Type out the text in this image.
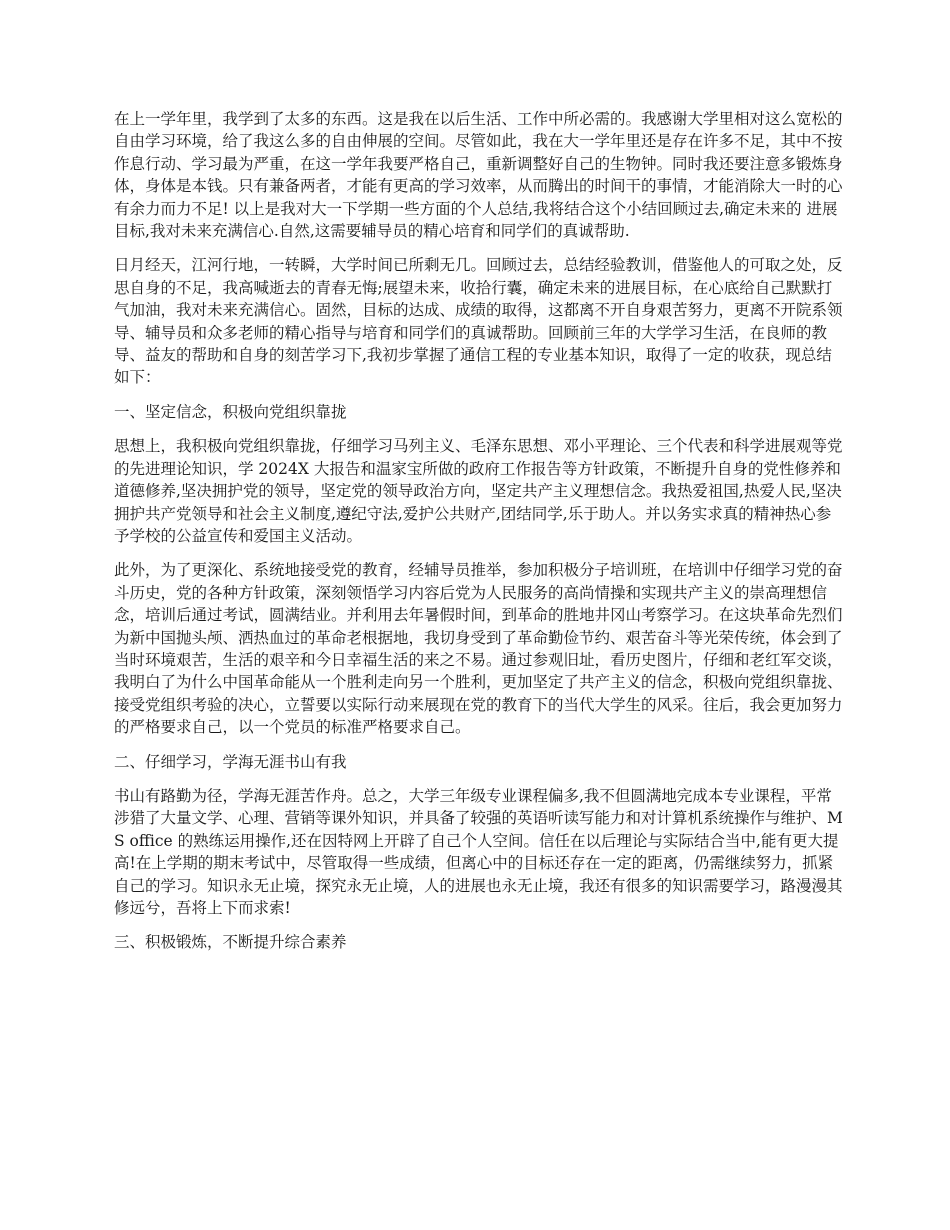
在上一学年里，我学到了太多的东西。这是我在以后生活、工作中所必需的。我感谢大学里相对这么宽松的自由学习环境，给了我这么多的自由伸展的空间。尽管如此，我在大一学年里还是存在许多不足，其中不按作息行动、学习最为严重，在这一学年我要严格自己，重新调整好自己的生物钟。同时我还要注意多锻炼身体，身体是本钱。只有兼备两者，才能有更高的学习效率，从而腾出的时间干的事情，才能消除大一时的心有余力而力不足! 以上是我对大一下学期一些方面的个人总结,我将结合这个小结回顾过去,确定未来的 进展目标,我对未来充满信心.自然,这需要辅导员的精心培育和同学们的真诚帮助.

日月经天，江河行地，一转瞬，大学时间已所剩无几。回顾过去，总结经验教训，借鉴他人的可取之处，反思自身的不足，我高喊逝去的青春无悔;展望未来，收拾行囊，确定未来的进展目标，在心底给自己默默打气加油，我对未来充满信心。固然，目标的达成、成绩的取得，这都离不开自身艰苦努力，更离不开院系领导、辅导员和众多老师的精心指导与培育和同学们的真诚帮助。回顾前三年的大学学习生活，在良师的教导、益友的帮助和自身的刻苦学习下,我初步掌握了通信工程的专业基本知识，取得了一定的收获，现总结如下：

一、坚定信念，积极向党组织靠拢

思想上，我积极向党组织靠拢，仔细学习马列主义、毛泽东思想、邓小平理论、三个代表和科学进展观等党的先进理论知识，学 2024X 大报告和温家宝所做的政府工作报告等方针政策，不断提升自身的党性修养和道德修养,坚决拥护党的领导，坚定党的领导政治方向，坚定共产主义理想信念。我热爱祖国,热爱人民,坚决拥护共产党领导和社会主义制度,遵纪守法,爱护公共财产,团结同学,乐于助人。并以务实求真的精神热心参予学校的公益宣传和爱国主义活动。

此外，为了更深化、系统地接受党的教育，经辅导员推举，参加积极分子培训班，在培训中仔细学习党的奋斗历史，党的各种方针政策，深刻领悟学习内容后党为人民服务的高尚情操和实现共产主义的崇高理想信念，培训后通过考试，圆满结业。并利用去年暑假时间，到革命的胜地井冈山考察学习。在这块革命先烈们为新中国抛头颅、洒热血过的革命老根据地，我切身受到了革命勤俭节约、艰苦奋斗等光荣传统，体会到了当时环境艰苦，生活的艰辛和今日幸福生活的来之不易。通过参观旧址，看历史图片，仔细和老红军交谈，我明白了为什么中国革命能从一个胜利走向另一个胜利，更加坚定了共产主义的信念，积极向党组织靠拢、接受党组织考验的决心，立誓要以实际行动来展现在党的教育下的当代大学生的风采。往后，我会更加努力的严格要求自己，以一个党员的标准严格要求自己。

二、仔细学习，学海无涯书山有我

书山有路勤为径，学海无涯苦作舟。总之，大学三年级专业课程偏多,我不但圆满地完成本专业课程，平常涉猎了大量文学、心理、营销等课外知识，并具备了较强的英语听读写能力和对计算机系统操作与维护、MS office 的熟练运用操作,还在因特网上开辟了自己个人空间。信任在以后理论与实际结合当中,能有更大提高!在上学期的期末考试中，尽管取得一些成绩，但离心中的目标还存在一定的距离，仍需继续努力，抓紧自己的学习。知识永无止境，探究永无止境，人的进展也永无止境，我还有很多的知识需要学习，路漫漫其修远兮，吾将上下而求索!

三、积极锻炼，不断提升综合素养
